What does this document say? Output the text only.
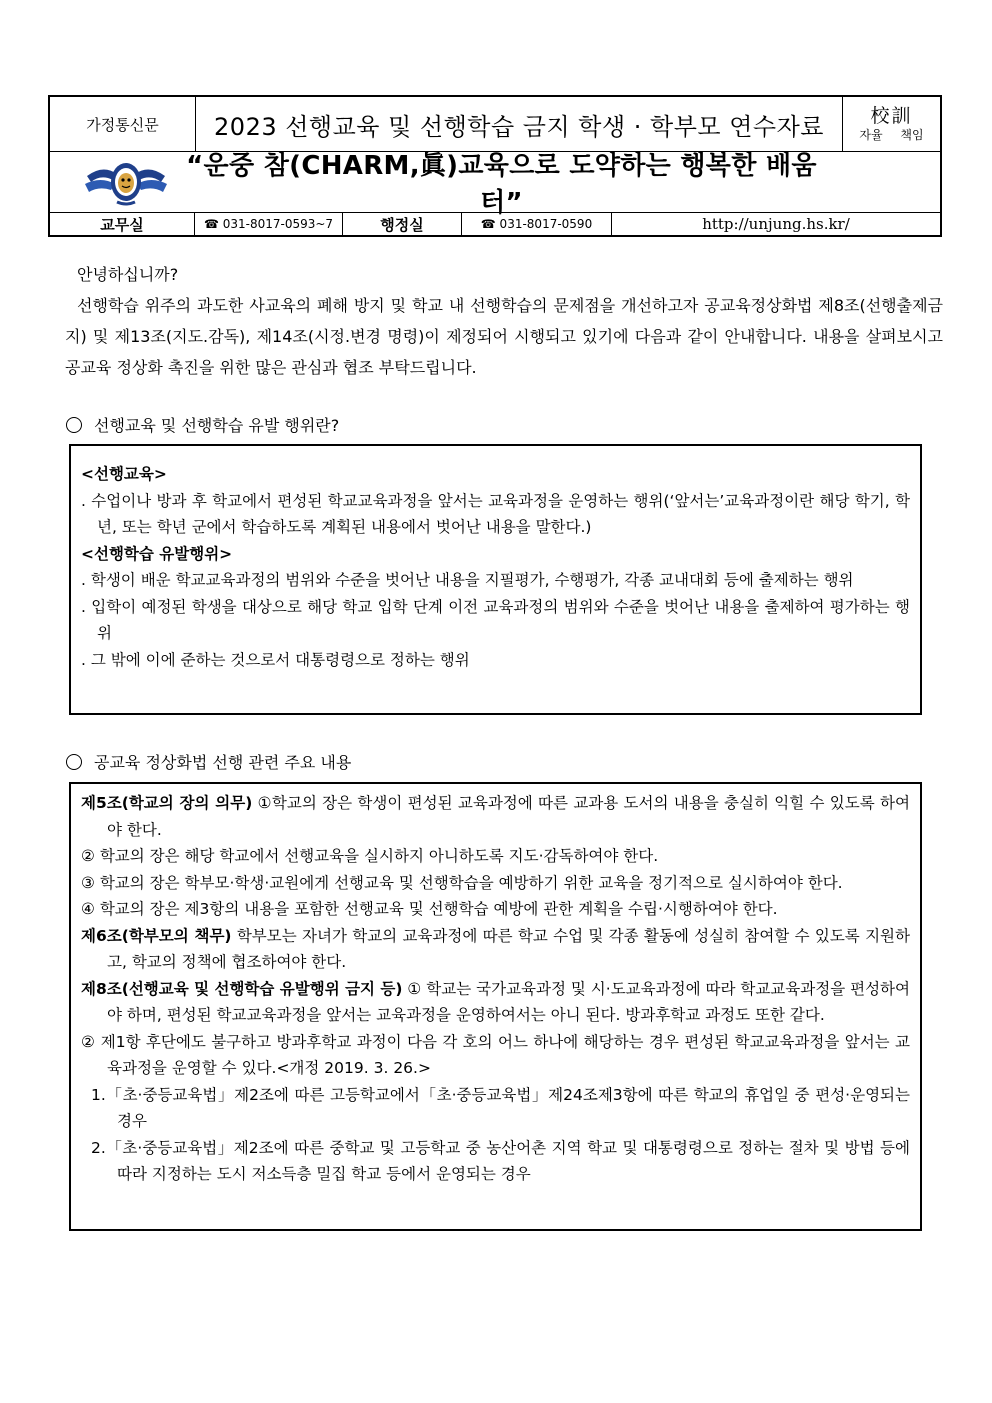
가정통신문	2023 선행교육 및 선행학습 금지 학생 · 학부모 연수자료	校訓
자율 책임
“운중 참(CHARM,眞)교육으로 도약하는 행복한 배움터”
교무실	☎ 031-8017-0593~7	행정실	☎ 031-8017-0590	http://unjung.hs.kr/
안녕하십니까?
선행학습 위주의 과도한 사교육의 폐해 방지 및 학교 내 선행학습의 문제점을 개선하고자 공교육정상화법 제8조(선행출제금지) 및 제13조(지도.감독), 제14조(시정.변경 명령)이 제정되어 시행되고 있기에 다음과 같이 안내합니다. 내용을 살펴보시고 공교육 정상화 촉진을 위한 많은 관심과 협조 부탁드립니다.
선행교육 및 선행학습 유발 행위란?
<선행교육>
. 수업이나 방과 후 학교에서 편성된 학교교육과정을 앞서는 교육과정을 운영하는 행위(‘앞서는’교육과정이란 해당 학기, 학년, 또는 학년 군에서 학습하도록 계획된 내용에서 벗어난 내용을 말한다.)
<선행학습 유발행위>
. 학생이 배운 학교교육과정의 범위와 수준을 벗어난 내용을 지필평가, 수행평가, 각종 교내대회 등에 출제하는 행위
. 입학이 예정된 학생을 대상으로 해당 학교 입학 단계 이전 교육과정의 범위와 수준을 벗어난 내용을 출제하여 평가하는 행위
. 그 밖에 이에 준하는 것으로서 대통령령으로 정하는 행위
공교육 정상화법 선행 관련 주요 내용
제5조(학교의 장의 의무) ①학교의 장은 학생이 편성된 교육과정에 따른 교과용 도서의 내용을 충실히 익힐 수 있도록 하여야 한다.
② 학교의 장은 해당 학교에서 선행교육을 실시하지 아니하도록 지도·감독하여야 한다.
③ 학교의 장은 학부모·학생·교원에게 선행교육 및 선행학습을 예방하기 위한 교육을 정기적으로 실시하여야 한다.
④ 학교의 장은 제3항의 내용을 포함한 선행교육 및 선행학습 예방에 관한 계획을 수립·시행하여야 한다.
제6조(학부모의 책무) 학부모는 자녀가 학교의 교육과정에 따른 학교 수업 및 각종 활동에 성실히 참여할 수 있도록 지원하고, 학교의 정책에 협조하여야 한다.
제8조(선행교육 및 선행학습 유발행위 금지 등) ① 학교는 국가교육과정 및 시·도교육과정에 따라 학교교육과정을 편성하여야 하며, 편성된 학교교육과정을 앞서는 교육과정을 운영하여서는 아니 된다. 방과후학교 과정도 또한 같다.
② 제1항 후단에도 불구하고 방과후학교 과정이 다음 각 호의 어느 하나에 해당하는 경우 편성된 학교교육과정을 앞서는 교육과정을 운영할 수 있다.<개정 2019. 3. 26.>
1.「초·중등교육법」제2조에 따른 고등학교에서「초·중등교육법」제24조제3항에 따른 학교의 휴업일 중 편성·운영되는 경우
2.「초·중등교육법」제2조에 따른 중학교 및 고등학교 중 농산어촌 지역 학교 및 대통령령으로 정하는 절차 및 방법 등에 따라 지정하는 도시 저소득층 밀집 학교 등에서 운영되는 경우
